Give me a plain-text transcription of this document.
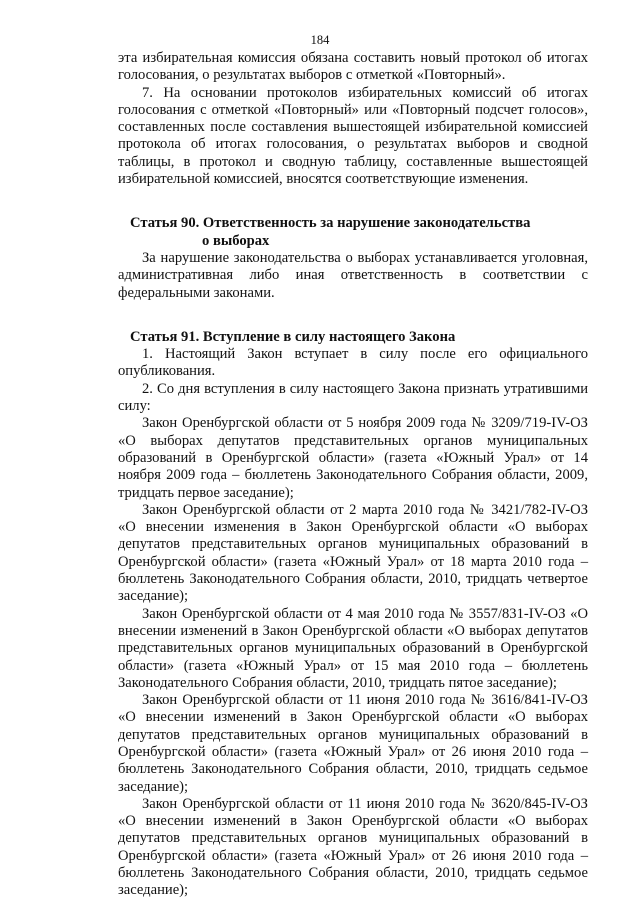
184

эта избирательная комиссия обязана составить новый протокол об итогах голосования, о результатах выборов с отметкой «Повторный».

7. На основании протоколов избирательных комиссий об итогах голосования с отметкой «Повторный» или «Повторный подсчет голосов», составленных после составления вышестоящей избирательной комиссией протокола об итогах голосования, о результатах выборов и сводной таблицы, в протокол и сводную таблицу, составленные вышестоящей избирательной комиссией, вносятся соответствующие изменения.

Статья 90. Ответственность за нарушение законодательства
о выборах

За нарушение законодательства о выборах устанавливается уголовная, административная либо иная ответственность в соответствии с федеральными законами.

Статья 91. Вступление в силу настоящего Закона

1. Настоящий Закон вступает в силу после его официального опубликования.

2. Со дня вступления в силу настоящего Закона признать утратившими силу:

Закон Оренбургской области от 5 ноября 2009 года № 3209/719-IV-ОЗ «О выборах депутатов представительных органов муниципальных образований в Оренбургской области» (газета «Южный Урал» от 14 ноября 2009 года – бюллетень Законодательного Собрания области, 2009, тридцать первое заседание);

Закон Оренбургской области от 2 марта 2010 года № 3421/782-IV-ОЗ «О внесении изменения в Закон Оренбургской области «О выборах депутатов представительных органов муниципальных образований в Оренбургской области» (газета «Южный Урал» от 18 марта 2010 года – бюллетень Законодательного Собрания области, 2010, тридцать четвертое заседание);

Закон Оренбургской области от 4 мая 2010 года № 3557/831-IV-ОЗ «О внесении изменений в Закон Оренбургской области «О выборах депутатов представительных органов муниципальных образований в Оренбургской области» (газета «Южный Урал» от 15 мая 2010 года – бюллетень Законодательного Собрания области, 2010, тридцать пятое заседание);

Закон Оренбургской области от 11 июня 2010 года № 3616/841-IV-ОЗ «О внесении изменений в Закон Оренбургской области «О выборах депутатов представительных органов муниципальных образований в Оренбургской области» (газета «Южный Урал» от 26 июня 2010 года – бюллетень Законодательного Собрания области, 2010, тридцать седьмое заседание);

Закон Оренбургской области от 11 июня 2010 года № 3620/845-IV-ОЗ «О внесении изменений в Закон Оренбургской области «О выборах депутатов представительных органов муниципальных образований в Оренбургской области» (газета «Южный Урал» от 26 июня 2010 года – бюллетень Законодательного Собрания области, 2010, тридцать седьмое заседание);
